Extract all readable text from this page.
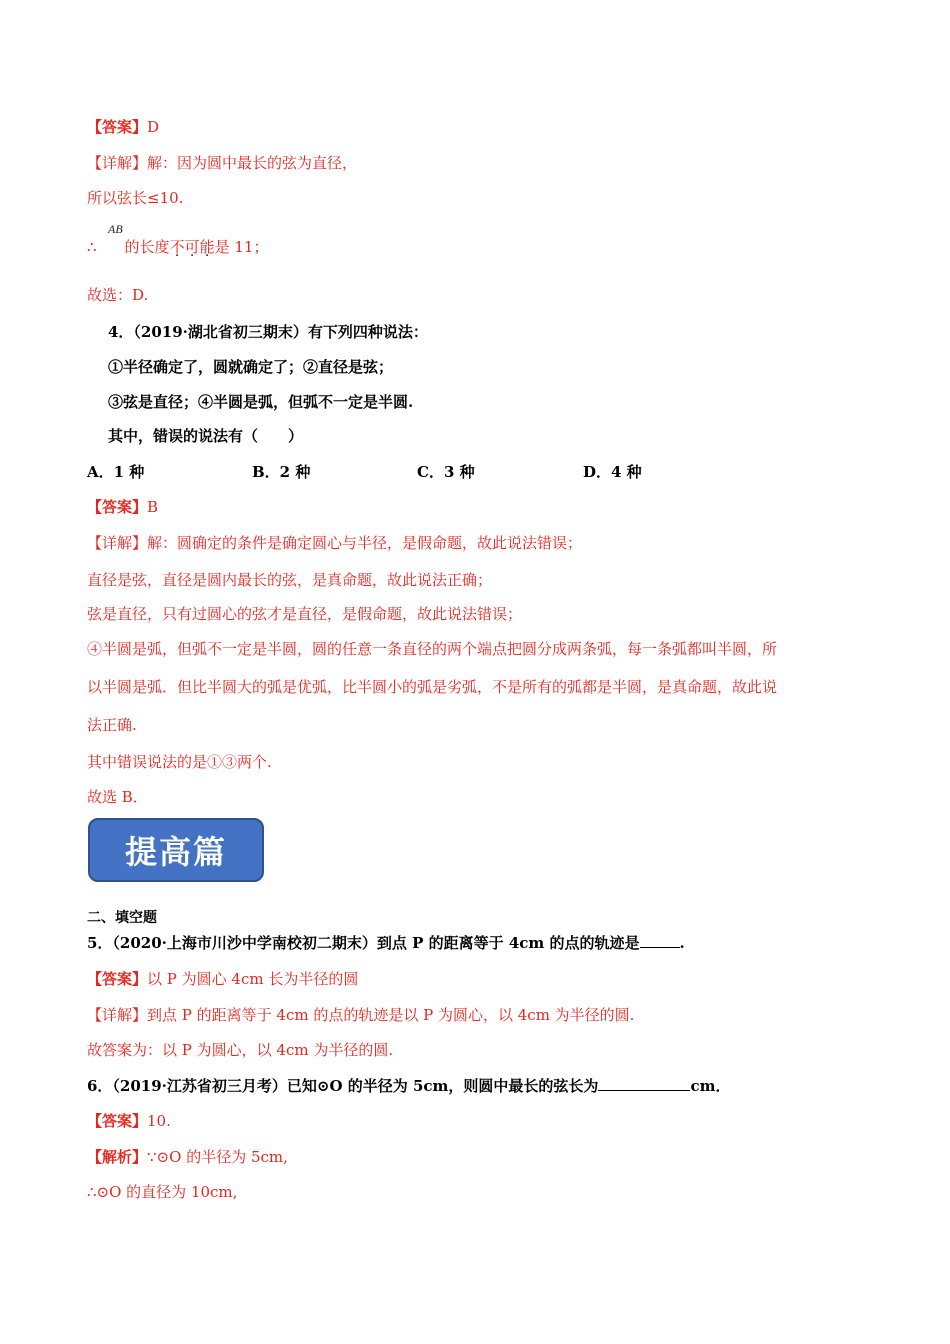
【答案】D
【详解】解：因为圆中最长的弦为直径，
所以弦长≤10.
AB
∴ 的长度不可能是 11；
故选：D.
4．（2019·湖北省初三期末）有下列四种说法：
①半径确定了，圆就确定了；②直径是弦；
③弦是直径；④半圆是弧，但弧不一定是半圆.
其中，错误的说法有（　　）
A．1 种	B．2 种	C．3 种	D．4 种
【答案】B
【详解】解：圆确定的条件是确定圆心与半径，是假命题，故此说法错误；
直径是弦，直径是圆内最长的弦，是真命题，故此说法正确；
弦是直径，只有过圆心的弦才是直径，是假命题，故此说法错误；
④半圆是弧，但弧不一定是半圆，圆的任意一条直径的两个端点把圆分成两条弧，每一条弧都叫半圆，所
以半圆是弧．但比半圆大的弧是优弧，比半圆小的弧是劣弧，不是所有的弧都是半圆，是真命题，故此说
法正确.
其中错误说法的是①③两个.
故选 B．
提高篇
二、填空题
5．（2020·上海市川沙中学南校初二期末）到点 P 的距离等于 4cm 的点的轨迹是	.
【答案】以 P 为圆心 4cm 长为半径的圆
【详解】到点 P 的距离等于 4cm 的点的轨迹是以 P 为圆心，以 4cm 为半径的圆.
故答案为：以 P 为圆心，以 4cm 为半径的圆.
6．（2019·江苏省初三月考）已知⊙O 的半径为 5cm，则圆中最长的弦长为	cm．
【答案】10.
【解析】∵⊙O 的半径为 5cm,
∴⊙O 的直径为 10cm,
